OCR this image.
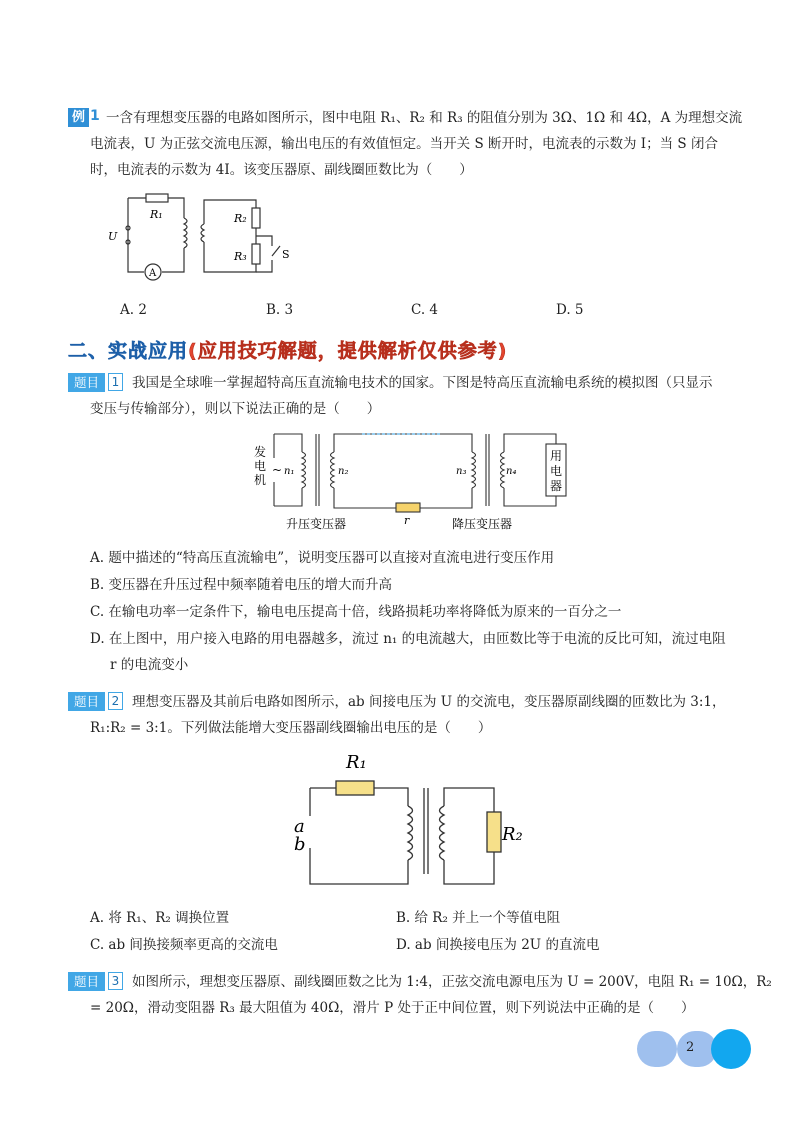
例 1 一含有理想变压器的电路如图所示，图中电阻 R₁、R₂ 和 R₃ 的阻值分别为 3Ω、1Ω 和 4Ω，A 为理想交流
电流表，U 为正弦交流电压源，输出电压的有效值恒定。当开关 S 断开时，电流表的示数为 I；当 S 闭合
时，电流表的示数为 4I。该变压器原、副线圈匝数比为（　　）
R₁	R₂
R₃
U
S
A
A. 2	B. 3	C. 4	D. 5
二、实战应用(应用技巧解题，提供解析仅供参考)
题目	1 我国是全球唯一掌握超特高压直流输电技术的国家。下图是特高压直流输电系统的模拟图（只显示
变压与传输部分），则以下说法正确的是（　　）
发
电
机
~ n₁	n₂	n₃	n₄
r
用
电
器
升压变压器	降压变压器
A. 题中描述的“特高压直流输电”，说明变压器可以直接对直流电进行变压作用
B. 变压器在升压过程中频率随着电压的增大而升高
C. 在输电功率一定条件下，输电电压提高十倍，线路损耗功率将降低为原来的一百分之一
D. 在上图中，用户接入电路的用电器越多，流过 n₁ 的电流越大，由匝数比等于电流的反比可知，流过电阻
r 的电流变小
题目	2 理想变压器及其前后电路如图所示，ab 间接电压为 U 的交流电，变压器原副线圈的匝数比为 3:1，
R₁:R₂ = 3:1。下列做法能增大变压器副线圈输出电压的是（　　）
R₁
R₂
a
b
A. 将 R₁、R₂ 调换位置	B. 给 R₂ 并上一个等值电阻
C. ab 间换接频率更高的交流电	D. ab 间换接电压为 2U 的直流电
题目	3 如图所示，理想变压器原、副线圈匝数之比为 1:4，正弦交流电源电压为 U = 200V，电阻 R₁ = 10Ω，R₂
= 20Ω，滑动变阻器 R₃ 最大阻值为 40Ω，滑片 P 处于正中间位置，则下列说法中正确的是（　　）
2
